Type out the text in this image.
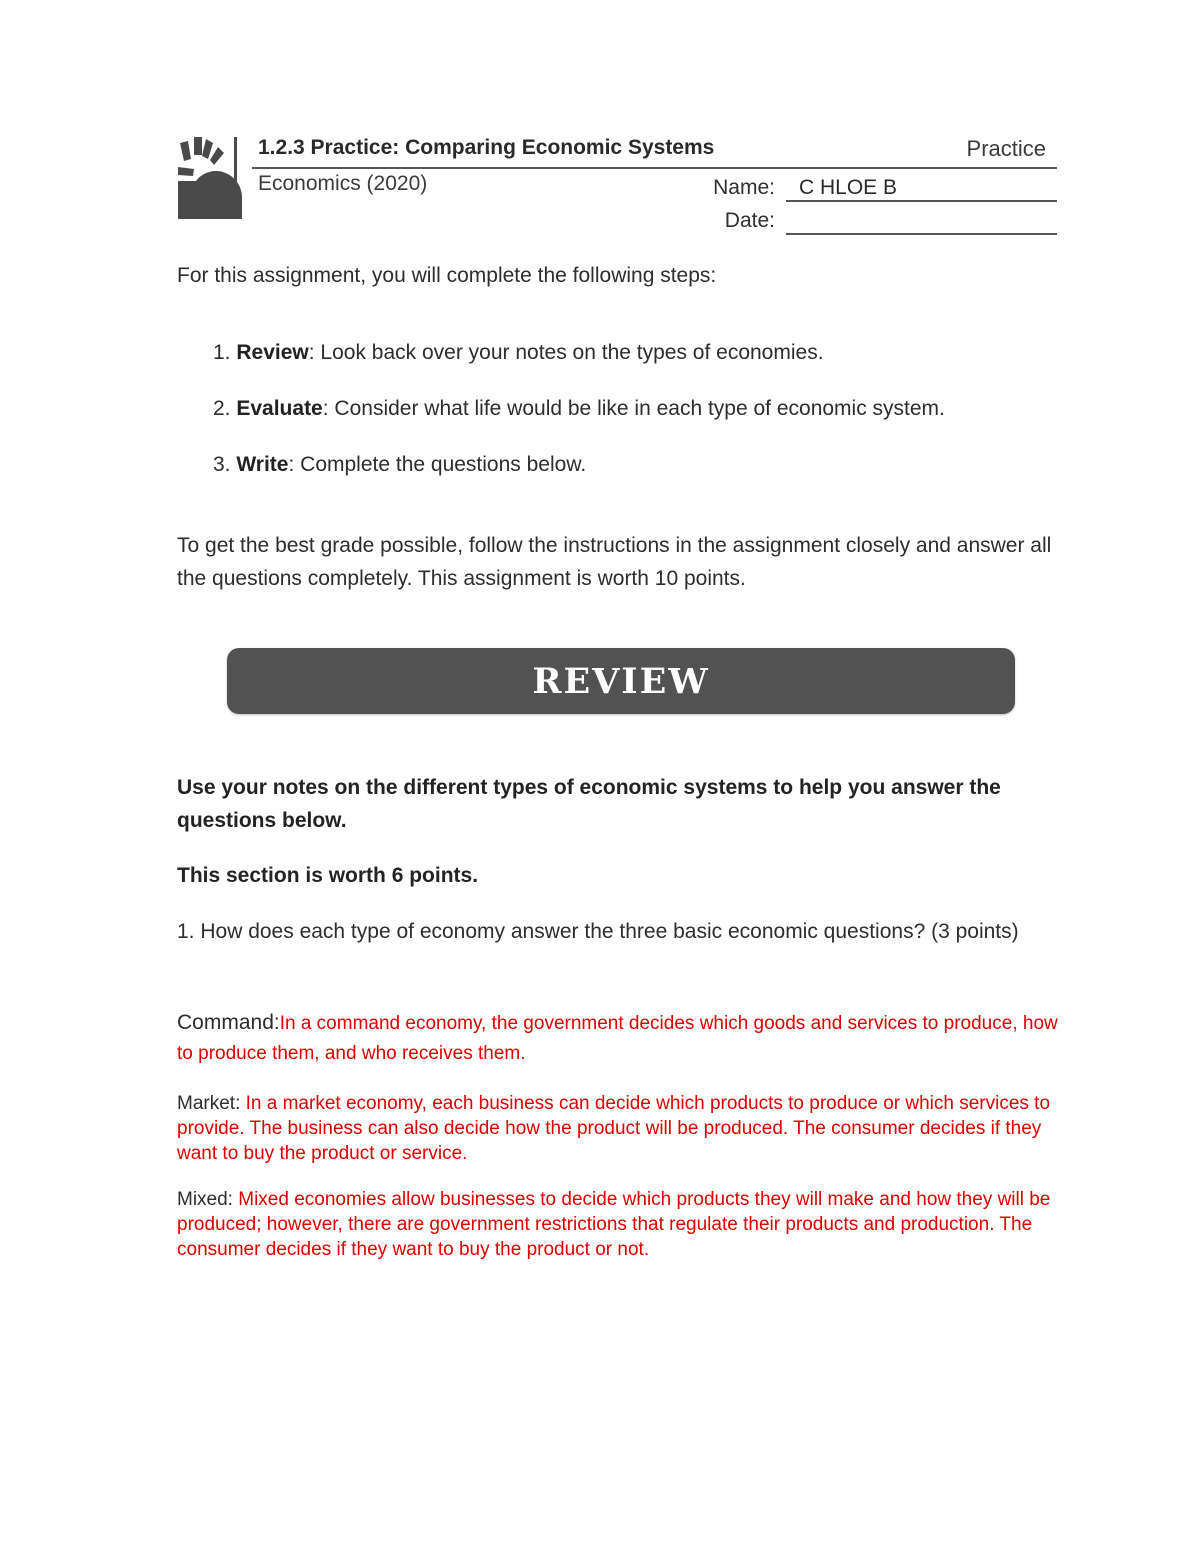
1.2.3 Practice: Comparing Economic Systems	Practice
Economics (2020)	Name: C HLOE B
Date:
For this assignment, you will complete the following steps:
1. Review: Look back over your notes on the types of economies.
2. Evaluate: Consider what life would be like in each type of economic system.
3. Write: Complete the questions below.
To get the best grade possible, follow the instructions in the assignment closely and answer all the questions completely. This assignment is worth 10 points.
REVIEW
Use your notes on the different types of economic systems to help you answer the questions below.
This section is worth 6 points.
1. How does each type of economy answer the three basic economic questions? (3 points)
Command:In a command economy, the government decides which goods and services to produce, how to produce them, and who receives them.
Market: In a market economy, each business can decide which products to produce or which services to provide. The business can also decide how the product will be produced. The consumer decides if they want to buy the product or service.
Mixed: Mixed economies allow businesses to decide which products they will make and how they will be produced; however, there are government restrictions that regulate their products and production. The consumer decides if they want to buy the product or not.
